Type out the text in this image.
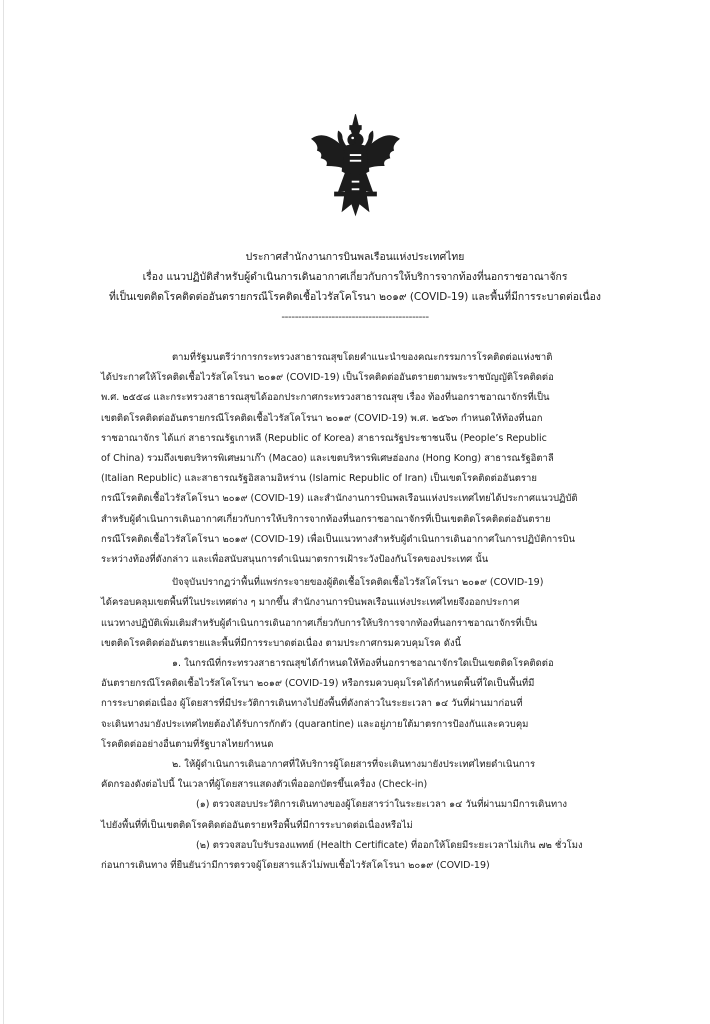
ประกาศสำนักงานการบินพลเรือนแห่งประเทศไทย
เรื่อง แนวปฏิบัติสำหรับผู้ดำเนินการเดินอากาศเกี่ยวกับการให้บริการจากท้องที่นอกราชอาณาจักร
ที่เป็นเขตติดโรคติดต่ออันตรายกรณีโรคติดเชื้อไวรัสโคโรนา ๒๐๑๙ (COVID-19) และพื้นที่มีการระบาดต่อเนื่อง
--------------------------------------------

ตามที่รัฐมนตรีว่าการกระทรวงสาธารณสุขโดยคำแนะนำของคณะกรรมการโรคติดต่อแห่งชาติ

ได้ประกาศให้โรคติดเชื้อไวรัสโคโรนา ๒๐๑๙ (COVID-19) เป็นโรคติดต่ออันตรายตามพระราชบัญญัติโรคติดต่อ

พ.ศ. ๒๕๕๘ และกระทรวงสาธารณสุขได้ออกประกาศกระทรวงสาธารณสุข เรื่อง ท้องที่นอกราชอาณาจักรที่เป็น

เขตติดโรคติดต่ออันตรายกรณีโรคติดเชื้อไวรัสโคโรนา ๒๐๑๙ (COVID-19) พ.ศ. ๒๕๖๓ กำหนดให้ท้องที่นอก

ราชอาณาจักร ได้แก่ สาธารณรัฐเกาหลี (Republic of Korea) สาธารณรัฐประชาชนจีน (People’s Republic

of China) รวมถึงเขตบริหารพิเศษมาเก๊า (Macao) และเขตบริหารพิเศษฮ่องกง (Hong Kong) สาธารณรัฐอิตาลี

(Italian Republic) และสาธารณรัฐอิสลามอิหร่าน (Islamic Republic of Iran) เป็นเขตโรคติดต่ออันตราย

กรณีโรคติดเชื้อไวรัสโคโรนา ๒๐๑๙ (COVID-19) และสำนักงานการบินพลเรือนแห่งประเทศไทยได้ประกาศแนวปฏิบัติ

สำหรับผู้ดำเนินการเดินอากาศเกี่ยวกับการให้บริการจากท้องที่นอกราชอาณาจักรที่เป็นเขตติดโรคติดต่ออันตราย

กรณีโรคติดเชื้อไวรัสโคโรนา ๒๐๑๙ (COVID-19) เพื่อเป็นแนวทางสำหรับผู้ดำเนินการเดินอากาศในการปฏิบัติการบิน

ระหว่างท้องที่ดังกล่าว และเพื่อสนับสนุนการดำเนินมาตรการเฝ้าระวังป้องกันโรคของประเทศ นั้น

ปัจจุบันปรากฏว่าพื้นที่แพร่กระจายของผู้ติดเชื้อโรคติดเชื้อไวรัสโคโรนา ๒๐๑๙ (COVID-19)

ได้ครอบคลุมเขตพื้นที่ในประเทศต่าง ๆ มากขึ้น สำนักงานการบินพลเรือนแห่งประเทศไทยจึงออกประกาศ

แนวทางปฏิบัติเพิ่มเติมสำหรับผู้ดำเนินการเดินอากาศเกี่ยวกับการให้บริการจากท้องที่นอกราชอาณาจักรที่เป็น

เขตติดโรคติดต่ออันตรายและพื้นที่มีการระบาดต่อเนื่อง ตามประกาศกรมควบคุมโรค ดังนี้

๑. ในกรณีที่กระทรวงสาธารณสุขได้กำหนดให้ท้องที่นอกราชอาณาจักรใดเป็นเขตติดโรคติดต่อ

อันตรายกรณีโรคติดเชื้อไวรัสโคโรนา ๒๐๑๙ (COVID-19) หรือกรมควบคุมโรคได้กำหนดพื้นที่ใดเป็นพื้นที่มี

การระบาดต่อเนื่อง ผู้โดยสารที่มีประวัติการเดินทางไปยังพื้นที่ดังกล่าวในระยะเวลา ๑๔ วันที่ผ่านมาก่อนที่

จะเดินทางมายังประเทศไทยต้องได้รับการกักตัว (quarantine) และอยู่ภายใต้มาตรการป้องกันและควบคุม

โรคติดต่ออย่างอื่นตามที่รัฐบาลไทยกำหนด

๒. ให้ผู้ดำเนินการเดินอากาศที่ให้บริการผู้โดยสารที่จะเดินทางมายังประเทศไทยดำเนินการ

คัดกรองดังต่อไปนี้ ในเวลาที่ผู้โดยสารแสดงตัวเพื่อออกบัตรขึ้นเครื่อง (Check-in)

(๑) ตรวจสอบประวัติการเดินทางของผู้โดยสารว่าในระยะเวลา ๑๔ วันที่ผ่านมามีการเดินทาง

ไปยังพื้นที่ที่เป็นเขตติดโรคติดต่ออันตรายหรือพื้นที่มีการระบาดต่อเนื่องหรือไม่

(๒) ตรวจสอบใบรับรองแพทย์ (Health Certificate) ที่ออกให้โดยมีระยะเวลาไม่เกิน ๗๒ ชั่วโมง

ก่อนการเดินทาง ที่ยืนยันว่ามีการตรวจผู้โดยสารแล้วไม่พบเชื้อไวรัสโคโรนา ๒๐๑๙ (COVID-19)
